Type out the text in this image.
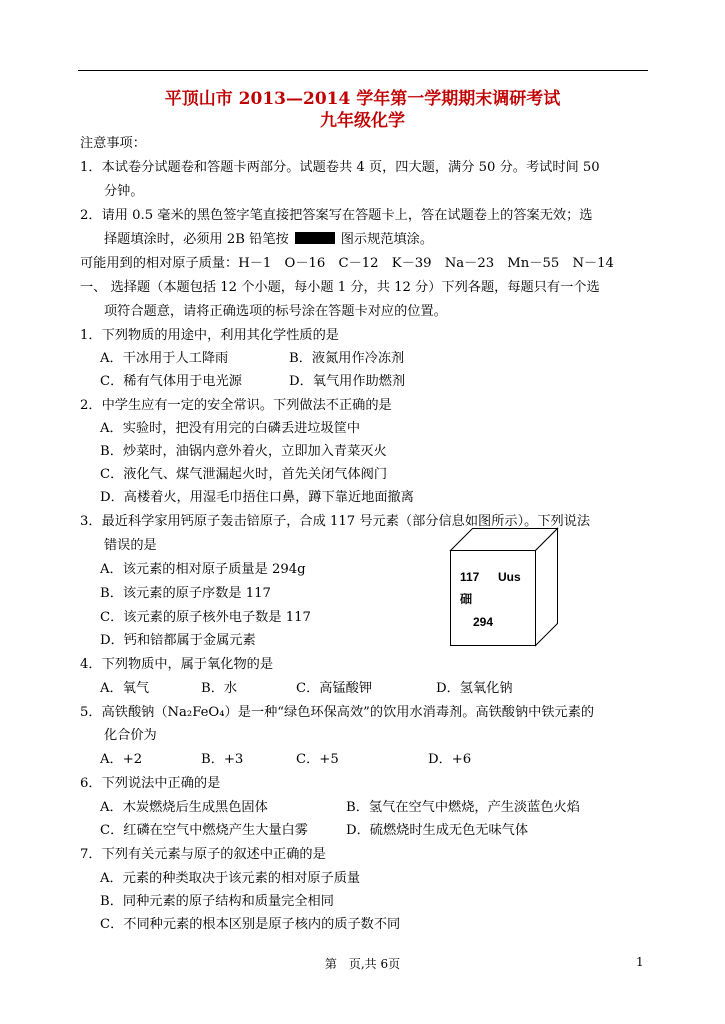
平顶山市 2013—2014 学年第一学期期末调研考试
九年级化学
注意事项：
1．本试卷分试题卷和答题卡两部分。试题卷共 4 页，四大题，满分 50 分。考试时间 50
分钟。
2．请用 0.5 毫米的黑色签字笔直接把答案写在答题卡上，答在试题卷上的答案无效；选
择题填涂时，必须用 2B 铅笔按	图示规范填涂。
可能用到的相对原子质量：H－1　O－16　C－12　K－39　Na－23　Mn－55　N－14
一、 选择题（本题包括 12 个小题，每小题 1 分，共 12 分）下列各题，每题只有一个选
项符合题意，请将正确选项的标号涂在答题卡对应的位置。
1．下列物质的用途中，利用其化学性质的是
A．干冰用于人工降雨	B．液氮用作冷冻剂
C．稀有气体用于电光源	D．氧气用作助燃剂
2．中学生应有一定的安全常识。下列做法不正确的是
A．实验时，把没有用完的白磷丢进垃圾筐中
B．炒菜时，油锅内意外着火，立即加入青菜灭火
C．液化气、煤气泄漏起火时，首先关闭气体阀门
D．高楼着火，用湿毛巾捂住口鼻，蹲下靠近地面撤离
3．最近科学家用钙原子轰击锫原子，合成 117 号元素（部分信息如图所示）。下列说法
错误的是
A．该元素的相对原子质量是 294g
B．该元素的原子序数是 117
C．该元素的原子核外电子数是 117
D．钙和锫都属于金属元素
117 Uus
鿬
294
4．下列物质中，属于氧化物的是
A．氧气	B．水	C．高锰酸钾	D．氢氧化钠
5．高铁酸钠（Na₂FeO₄）是一种“绿色环保高效”的饮用水消毒剂。高铁酸钠中铁元素的
化合价为
A．+2	B．+3	C．+5	D．+6
6．下列说法中正确的是
A．木炭燃烧后生成黑色固体	B．氢气在空气中燃烧，产生淡蓝色火焰
C．红磷在空气中燃烧产生大量白雾	D．硫燃烧时生成无色无味气体
7．下列有关元素与原子的叙述中正确的是
A．元素的种类取决于该元素的相对原子质量
B．同种元素的原子结构和质量完全相同
C．不同种元素的根本区别是原子核内的质子数不同
第　页,共 6页	1
